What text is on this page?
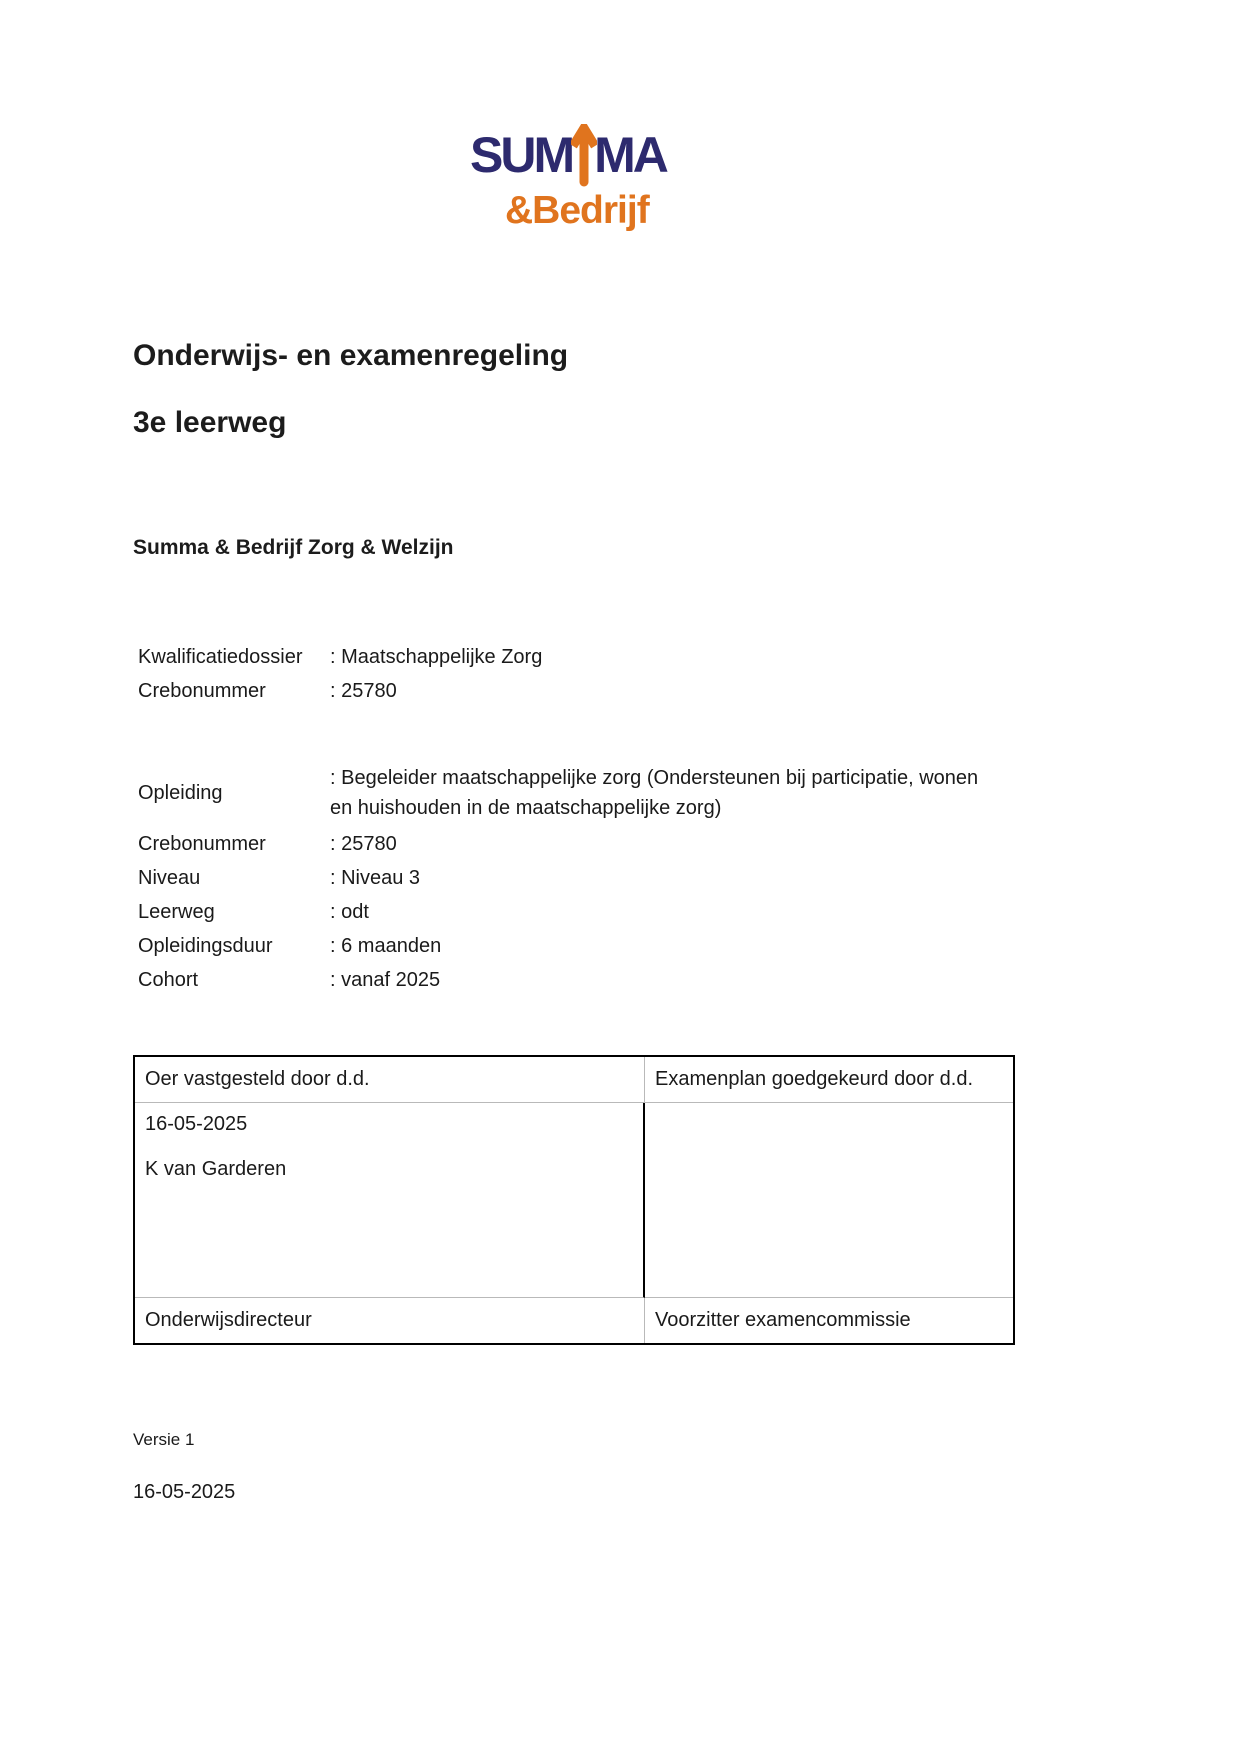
SUM MA
&Bedrijf
Onderwijs- en examenregeling
3e leerweg
Summa & Bedrijf Zorg & Welzijn
Kwalificatiedossier	: Maatschappelijke Zorg
Crebonummer	: 25780
Opleiding
: Begeleider maatschappelijke zorg (Ondersteunen bij participatie, wonen en huishouden in de maatschappelijke zorg)
Crebonummer	: 25780
Niveau	: Niveau 3
Leerweg	: odt
Opleidingsduur	: 6 maanden
Cohort	: vanaf 2025
Oer vastgesteld door d.d.	Examenplan goedgekeurd door d.d.
16-05-2025
K van Garderen
Onderwijsdirecteur	Voorzitter examencommissie
Versie 1
16-05-2025
